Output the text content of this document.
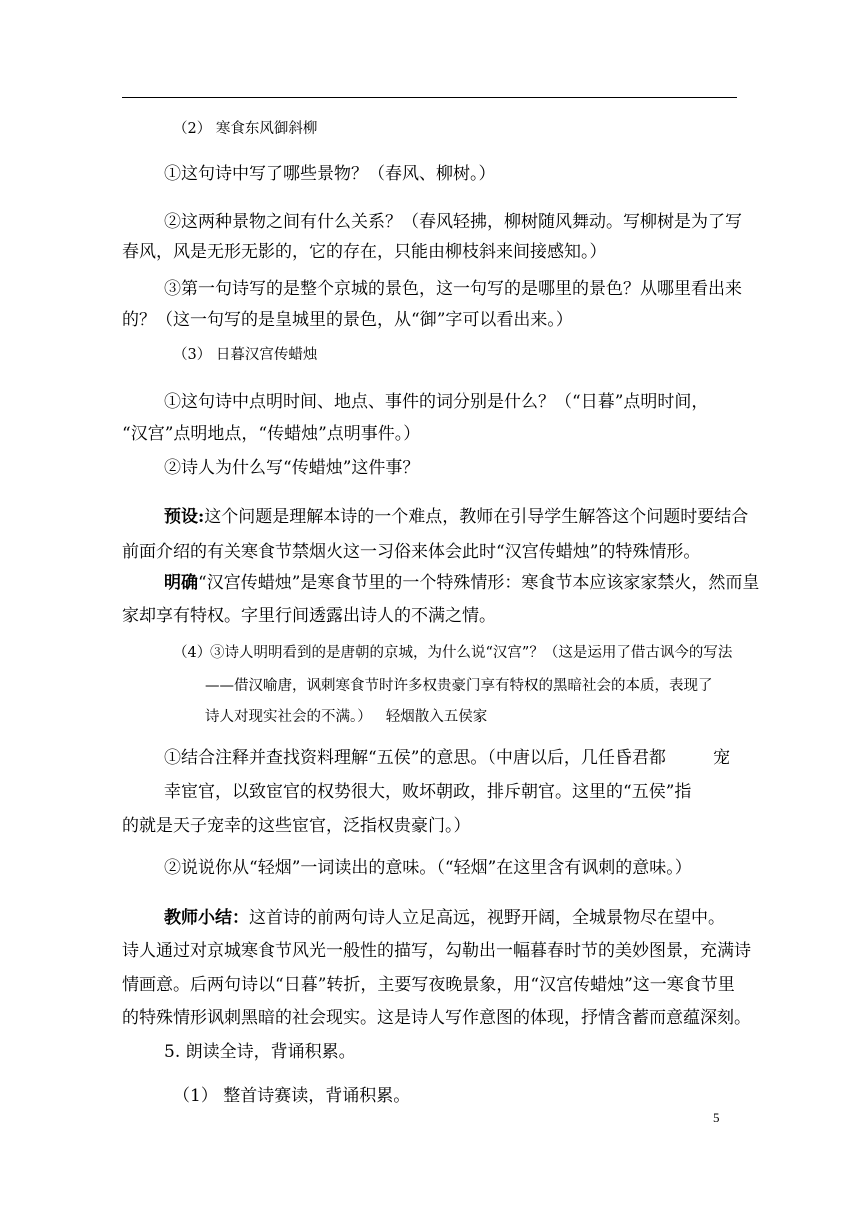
（2） 寒食东风御斜柳
①这句诗中写了哪些景物？（春风、柳树。）
②这两种景物之间有什么关系？（春风轻拂，柳树随风舞动。写柳树是为了写
春风，风是无形无影的，它的存在，只能由柳枝斜来间接感知。）
③第一句诗写的是整个京城的景色，这一句写的是哪里的景色？从哪里看出来
的？（这一句写的是皇城里的景色，从“御”字可以看出来。）
（3） 日暮汉宫传蜡烛
①这句诗中点明时间、地点、事件的词分别是什么？（“日暮”点明时间，
“汉宫”点明地点，“传蜡烛”点明事件。）
②诗人为什么写“传蜡烛”这件事？
预设:这个问题是理解本诗的一个难点，教师在引导学生解答这个问题时要结合
前面介绍的有关寒食节禁烟火这一习俗来体会此时“汉宫传蜡烛”的特殊情形。
明确“汉宫传蜡烛”是寒食节里的一个特殊情形：寒食节本应该家家禁火，然而皇
家却享有特权。字里行间透露出诗人的不满之情。
（4）
③诗人明明看到的是唐朝的京城，为什么说“汉宫”？（这是运用了借古讽今的写法
——借汉喻唐，讽刺寒食节时许多权贵豪门享有特权的黑暗社会的本质，表现了
诗人对现实社会的不满。） 轻烟散入五侯家
①结合注释并查找资料理解“五侯”的意思。（中唐以后，几任昏君都	宠
幸宦官，以致宦官的权势很大，败坏朝政，排斥朝官。这里的“五侯”指
的就是天子宠幸的这些宦官，泛指权贵豪门。）
②说说你从“轻烟”一词读出的意味。（“轻烟”在这里含有讽刺的意味。）
教师小结：这首诗的前两句诗人立足高远，视野开阔，全城景物尽在望中。
诗人通过对京城寒食节风光一般性的描写，勾勒出一幅暮春时节的美妙图景，充满诗
情画意。后两句诗以“日暮”转折，主要写夜晚景象，用“汉宫传蜡烛”这一寒食节里
的特殊情形讽刺黑暗的社会现实。这是诗人写作意图的体现，抒情含蓄而意蕴深刻。
5. 朗读全诗，背诵积累。
（1） 整首诗赛读，背诵积累。
5
